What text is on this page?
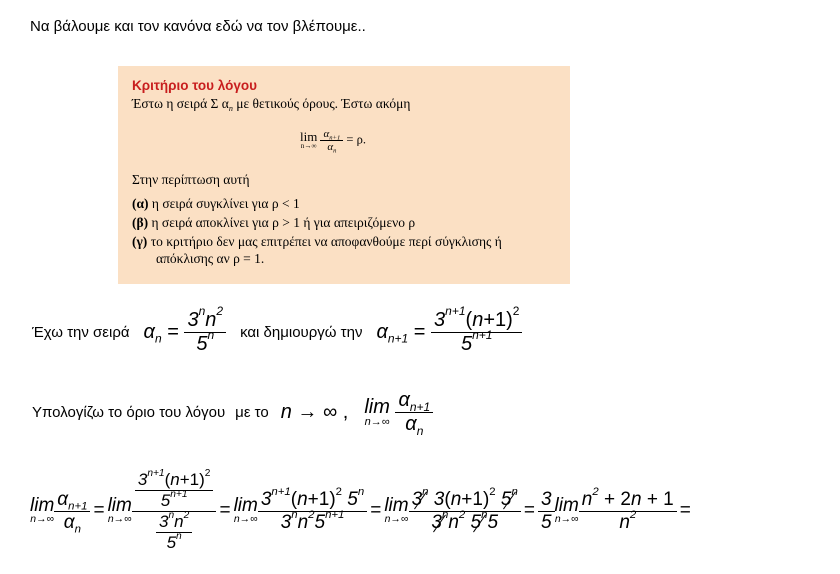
Να βάλουμε και τον κανόνα εδώ να τον βλέπουμε..
Κριτήριο του λόγου
Έστω η σειρά Σ $\alpha_n$ με θετικούς όρους. Έστω ακόμη
lim
n→∞
$\frac{\alpha_{n+1}}{\alpha_n} = \rho$.
Στην περίπτωση αυτή
(α) η σειρά συγκλίνει για ρ < 1
(β) η σειρά αποκλίνει για ρ > 1 ή για απειριζόμενο ρ
(γ) το κριτήριο δεν μας επιτρέπει να αποφανθούμε περί σύγκλισης ή
απόκλισης αν ρ = 1.
Έχω την σειρά $\alpha_n = \frac{3^nn^2}{5^n}$ και δημιουργώ την $\alpha_{n+1} = \frac{3^{n+1}(n+1)^2}{5^{n+1}}$
Υπολογίζω το όριο του λόγου με το n → ∞ , lim
n→∞
$\frac{\alpha_{n+1}}{\alpha_n}$
lim
$n\to\infty \frac{\alpha_{n+1}}{\alpha_n} = \lim$
$n\to\infty \frac{\frac{3^{n+1}(n+1)^2}{5^{n+1}}}{\frac{3^nn^2}{5^n}} = \lim$
$n\to\infty \frac{3^{n+1}(n+1)^2 5^n}{3^nn^25^{n+1}} = \lim$
$n\to\infty \frac{3^n 3(n+1)^2 5^n}{3^nn^2 5^n5} = \frac{3}{5}$ lim
$n\to\infty \frac{n^2 + 2n + 1}{n^2}$ =
